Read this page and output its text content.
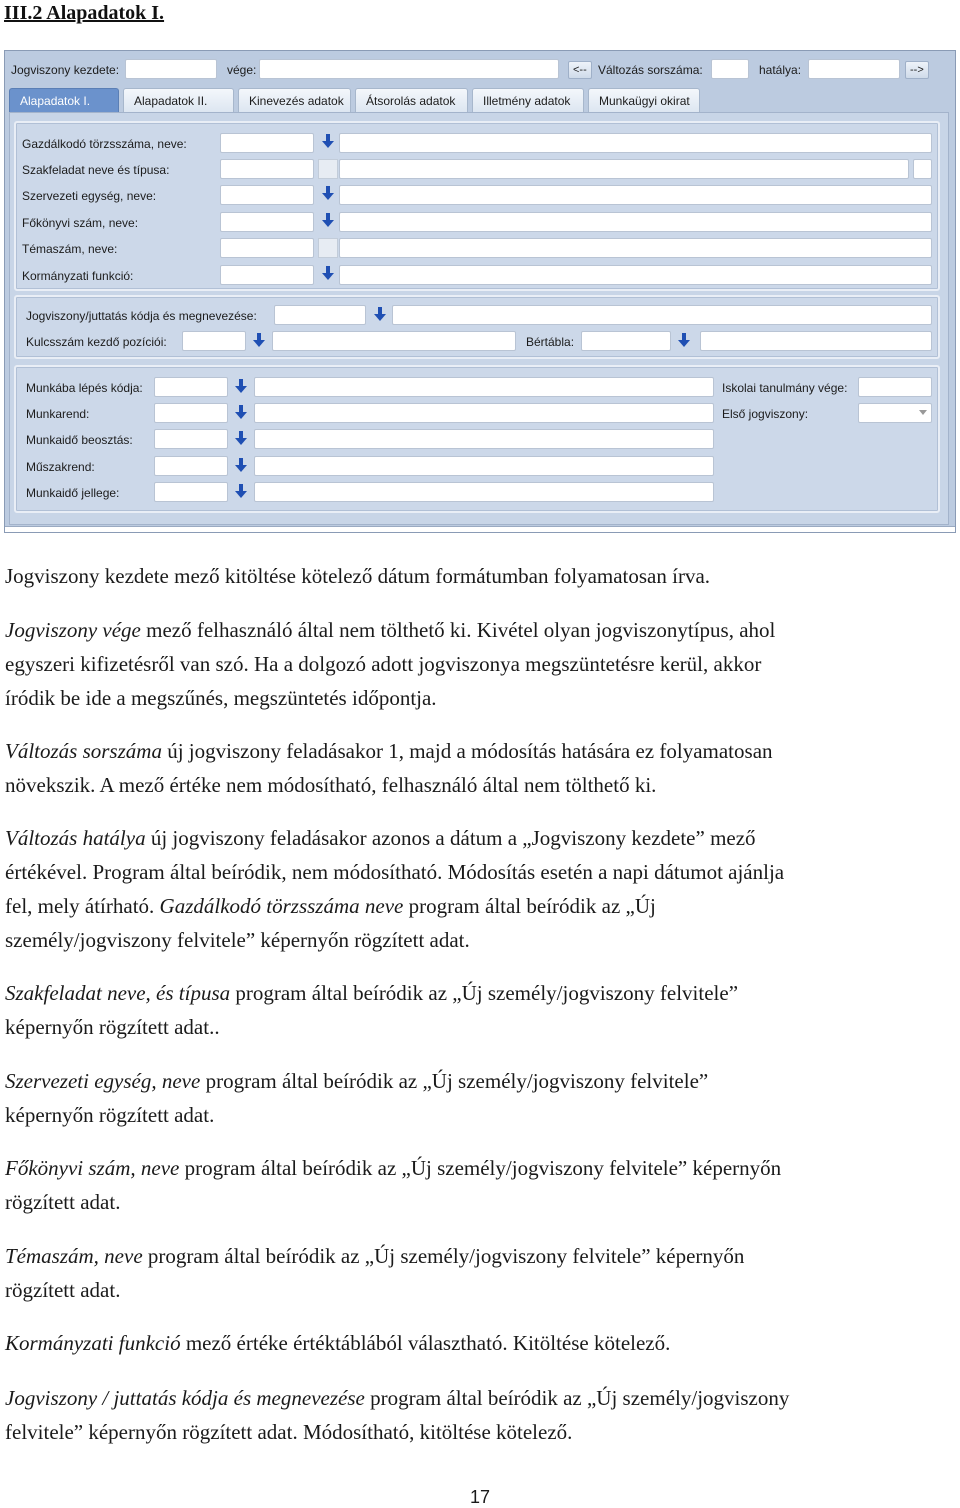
III.2 Alapadatok I.
Jogviszony kezdete:	vége:	<-- Változás sorszáma:	hatálya:	-->
Alapadatok I.	Alapadatok II.	Kinevezés adatok	Átsorolás adatok	Illetmény adatok	Munkaügyi okirat
Gazdálkodó törzsszáma, neve:
Szakfeladat neve és típusa:
Szervezeti egység, neve:
Főkönyvi szám, neve:
Témaszám, neve:
Kormányzati funkció:
Jogviszony/juttatás kódja és megnevezése:
Kulcsszám kezdő pozíciói:	Bértábla:
Munkába lépés kódja:
Munkarend:
Munkaidő beosztás:
Műszakrend:
Munkaidő jellege:
Iskolai tanulmány vége:
Első jogviszony:

Jogviszony kezdete mező kitöltése kötelező dátum formátumban folyamatosan írva.

Jogviszony vége mező felhasználó által nem tölthető ki. Kivétel olyan jogviszonytípus, ahol
egyszeri kifizetésről van szó. Ha a dolgozó adott jogviszonya megszüntetésre kerül, akkor
íródik be ide a megszűnés, megszüntetés időpontja.

Változás sorszáma új jogviszony feladásakor 1, majd a módosítás hatására ez folyamatosan
növekszik. A mező értéke nem módosítható, felhasználó által nem tölthető ki.

Változás hatálya új jogviszony feladásakor azonos a dátum a „Jogviszony kezdete” mező
értékével. Program által beíródik, nem módosítható. Módosítás esetén a napi dátumot ajánlja
fel, mely átírható. Gazdálkodó törzsszáma neve program által beíródik az „Új
személy/jogviszony felvitele” képernyőn rögzített adat.

Szakfeladat neve, és típusa program által beíródik az „Új személy/jogviszony felvitele”
képernyőn rögzített adat..

Szervezeti egység, neve program által beíródik az „Új személy/jogviszony felvitele”
képernyőn rögzített adat.

Főkönyvi szám, neve program által beíródik az „Új személy/jogviszony felvitele” képernyőn
rögzített adat.

Témaszám, neve program által beíródik az „Új személy/jogviszony felvitele” képernyőn
rögzített adat.

Kormányzati funkció mező értéke értéktáblából választható. Kitöltése kötelező.

Jogviszony / juttatás kódja és megnevezése program által beíródik az „Új személy/jogviszony
felvitele” képernyőn rögzített adat. Módosítható, kitöltése kötelező.

17
